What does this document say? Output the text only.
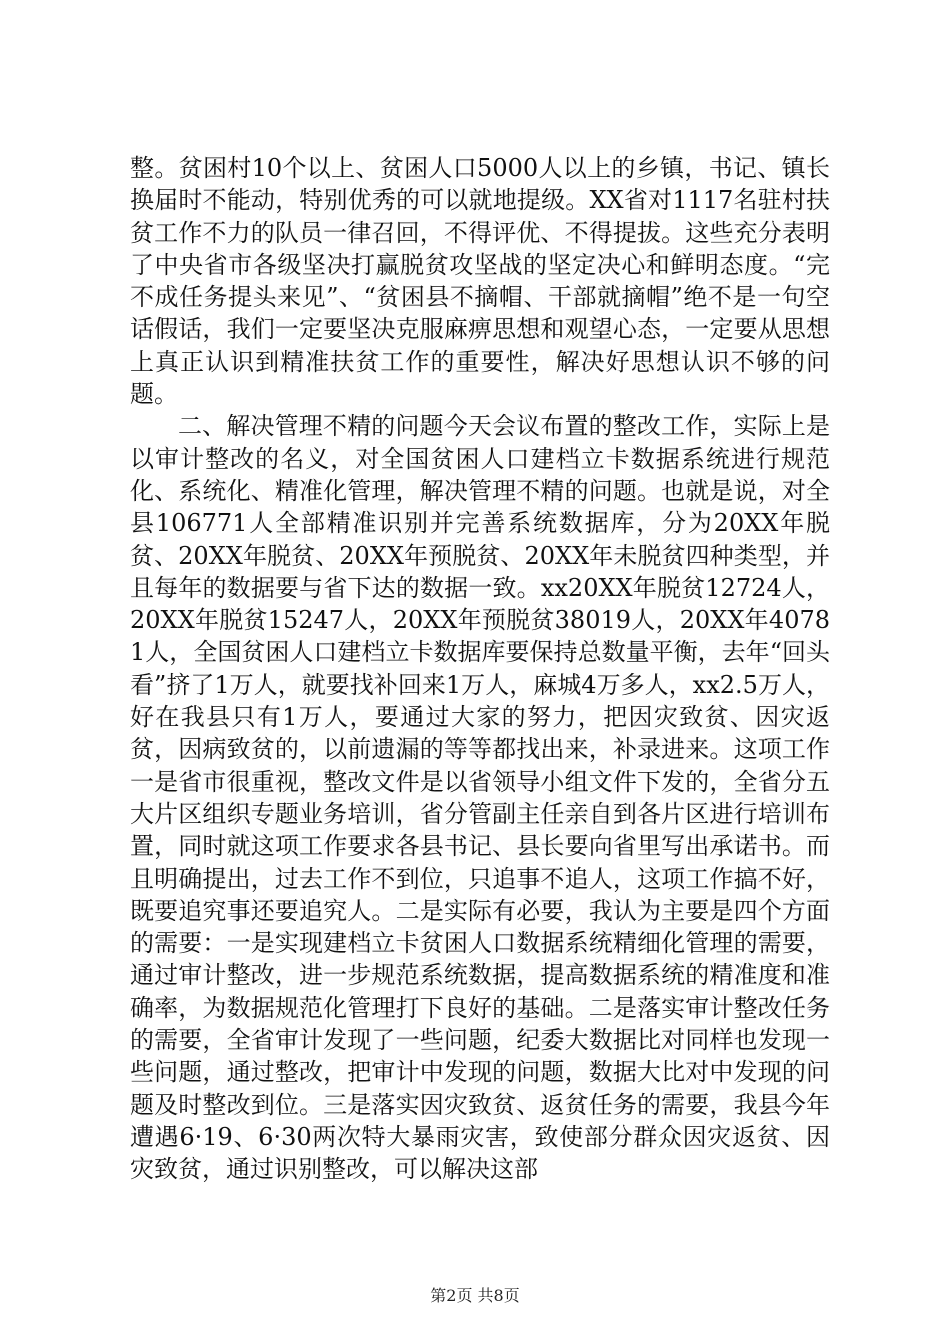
整。贫困村10个以上、贫困人口5000人以上的乡镇，书记、镇长换届时不能动，特别优秀的可以就地提级。XX省对1117名驻村扶贫工作不力的队员一律召回，不得评优、不得提拔。这些充分表明了中央省市各级坚决打赢脱贫攻坚战的坚定决心和鲜明态度。“完不成任务提头来见”、“贫困县不摘帽、干部就摘帽”绝不是一句空话假话，我们一定要坚决克服麻痹思想和观望心态，一定要从思想上真正认识到精准扶贫工作的重要性，解决好思想认识不够的问题。

二、解决管理不精的问题今天会议布置的整改工作，实际上是以审计整改的名义，对全国贫困人口建档立卡数据系统进行规范化、系统化、精准化管理，解决管理不精的问题。也就是说，对全县106771人全部精准识别并完善系统数据库，分为20XX年脱贫、20XX年脱贫、20XX年预脱贫、20XX年未脱贫四种类型，并且每年的数据要与省下达的数据一致。xx20XX年脱贫12724人，20XX年脱贫15247人，20XX年预脱贫38019人，20XX年40781人，全国贫困人口建档立卡数据库要保持总数量平衡，去年“回头看”挤了1万人，就要找补回来1万人，麻城4万多人，xx2.5万人，好在我县只有1万人，要通过大家的努力，把因灾致贫、因灾返贫，因病致贫的，以前遗漏的等等都找出来，补录进来。这项工作一是省市很重视，整改文件是以省领导小组文件下发的，全省分五大片区组织专题业务培训，省分管副主任亲自到各片区进行培训布置，同时就这项工作要求各县书记、县长要向省里写出承诺书。而且明确提出，过去工作不到位，只追事不追人，这项工作搞不好，既要追究事还要追究人。二是实际有必要，我认为主要是四个方面的需要：一是实现建档立卡贫困人口数据系统精细化管理的需要，通过审计整改，进一步规范系统数据，提高数据系统的精准度和准确率，为数据规范化管理打下良好的基础。二是落实审计整改任务的需要，全省审计发现了一些问题，纪委大数据比对同样也发现一些问题，通过整改，把审计中发现的问题，数据大比对中发现的问题及时整改到位。三是落实因灾致贫、返贫任务的需要，我县今年遭遇6·19、6·30两次特大暴雨灾害，致使部分群众因灾返贫、因灾致贫，通过识别整改，可以解决这部

第2页 共8页
